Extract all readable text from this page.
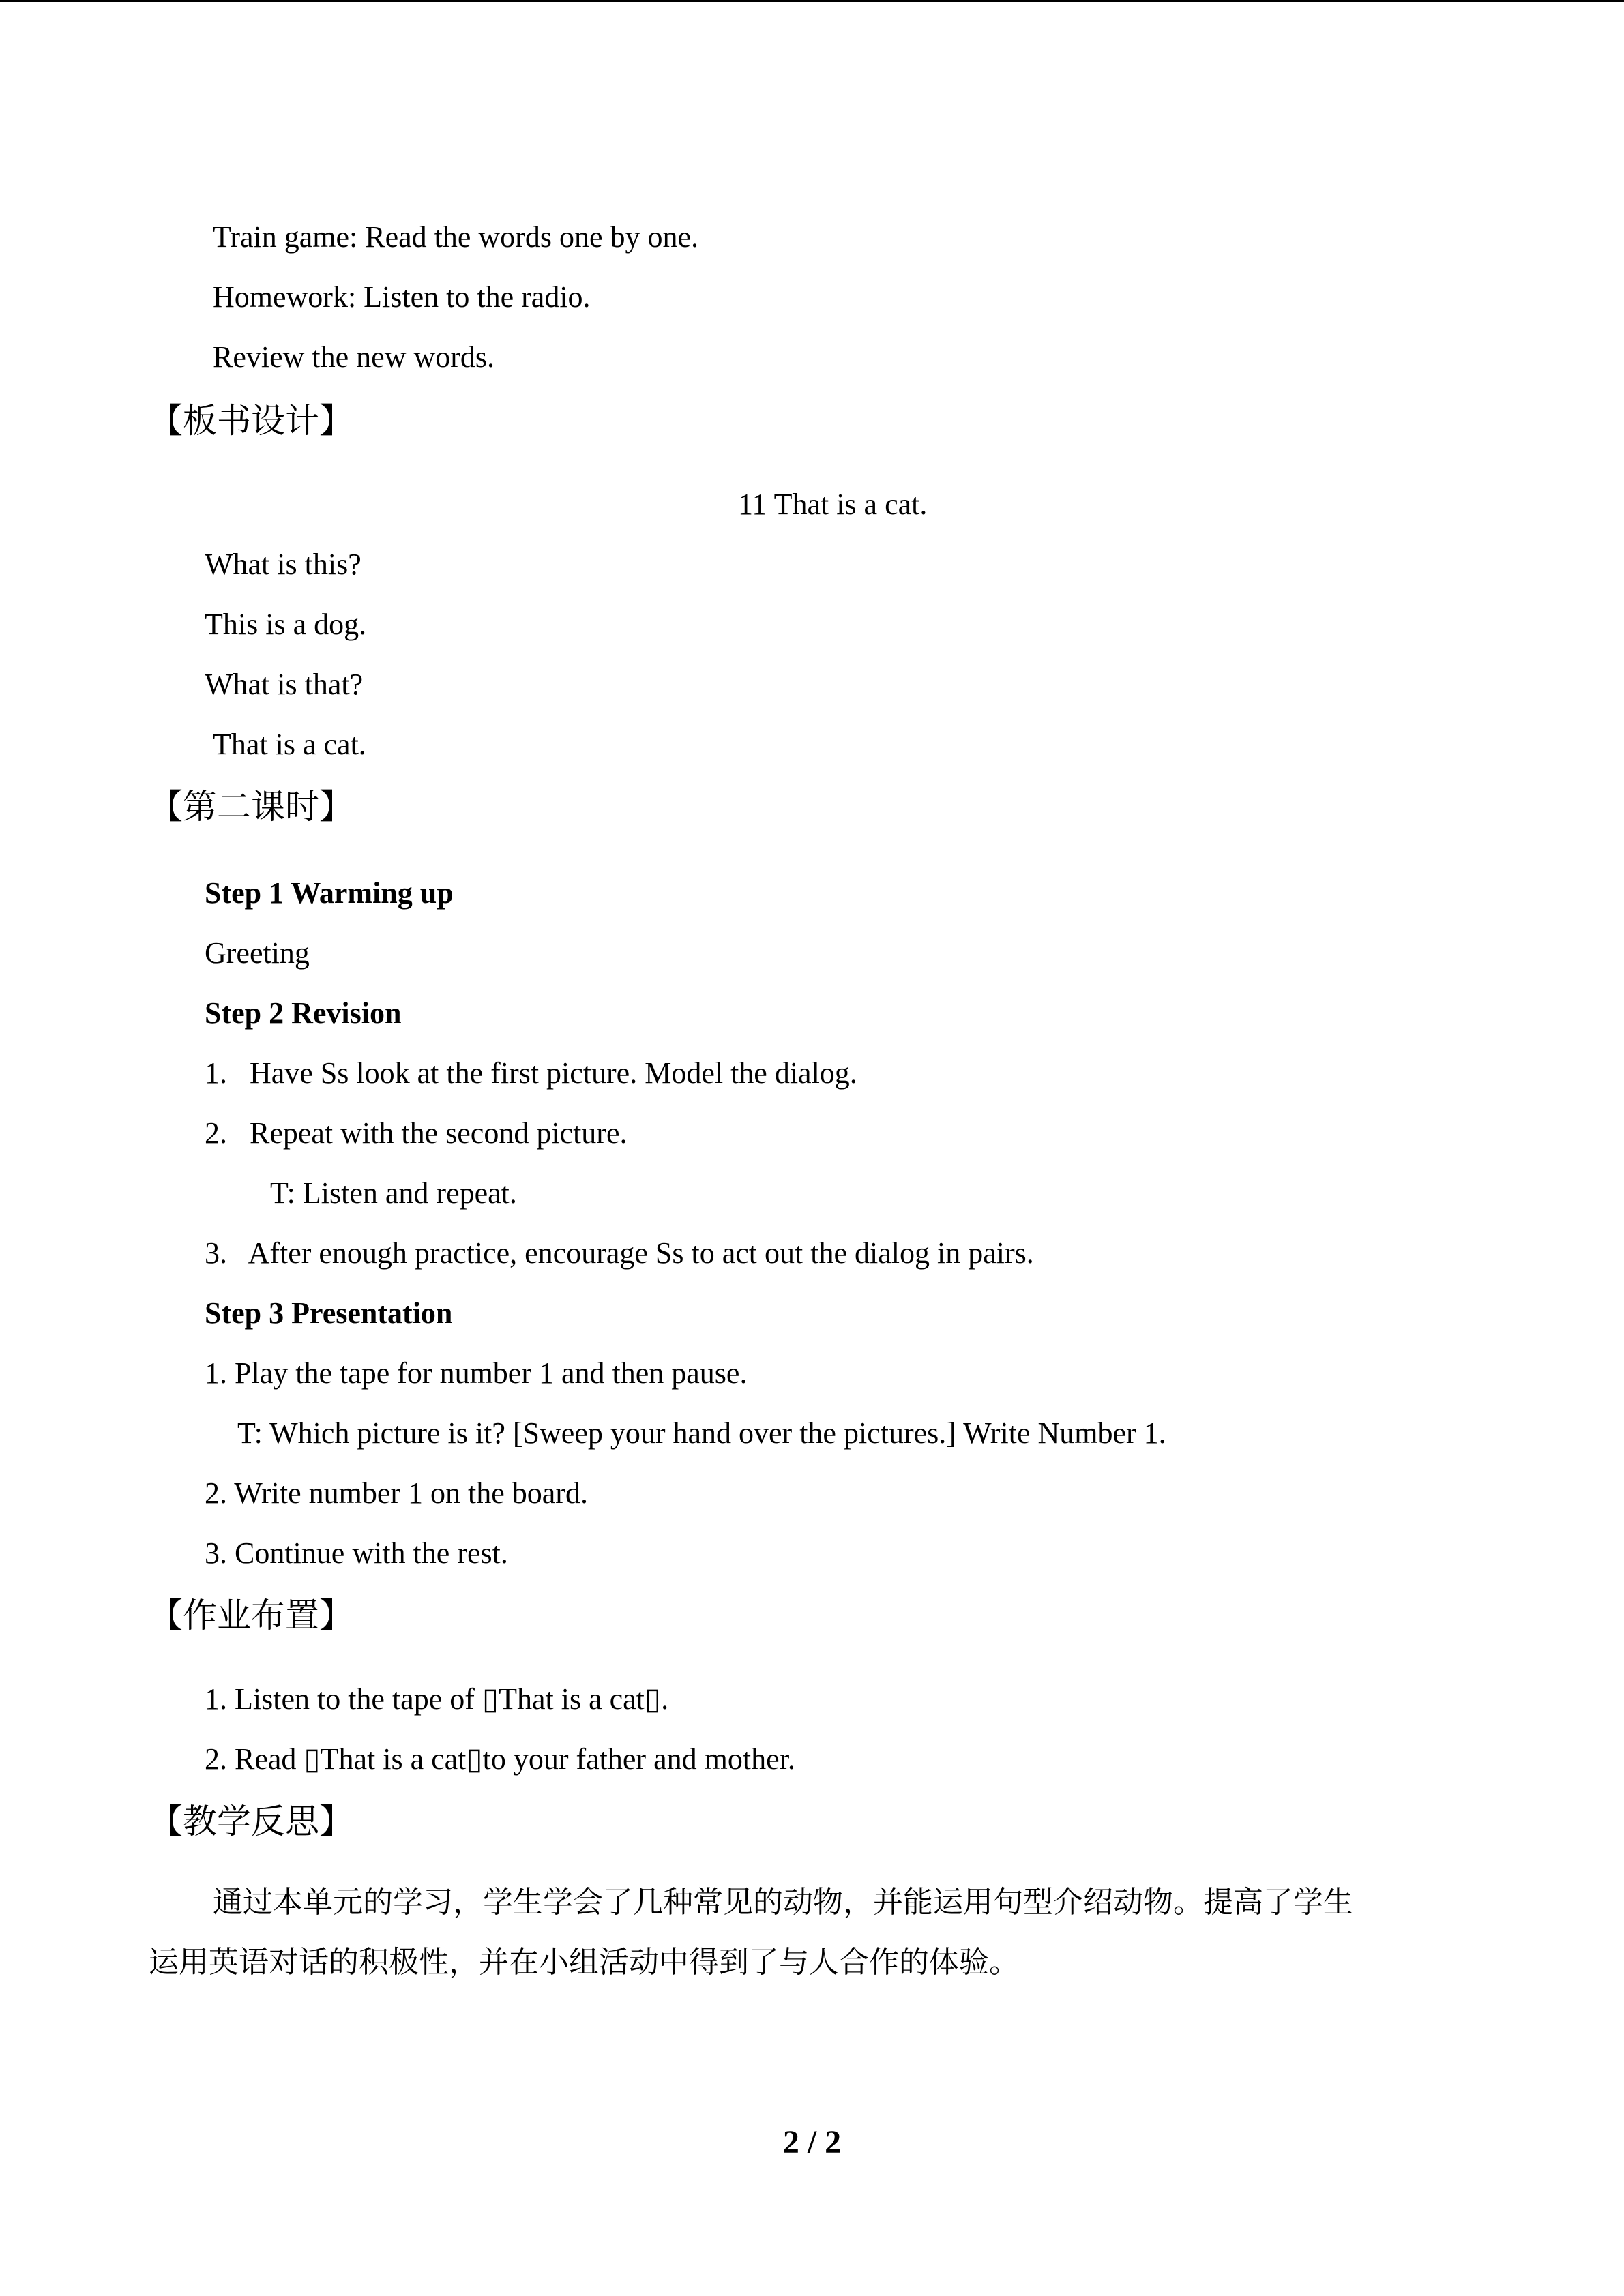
Train game: Read the words one by one.
Homework: Listen to the radio.
Review the new words.
【板书设计】
11 That is a cat.
What is this?
This is a dog.
What is that?
That is a cat.
【第二课时】
Step 1 Warming up
Greeting
Step 2 Revision
1.   Have Ss look at the first picture. Model the dialog.
2.   Repeat with the second picture.
T: Listen and repeat.
3.   After enough practice, encourage Ss to act out the dialog in pairs.
Step 3 Presentation
1. Play the tape for number 1 and then pause.
T: Which picture is it? [Sweep your hand over the pictures.] Write Number 1.
2. Write number 1 on the board.
3. Continue with the rest.
【作业布置】
1. Listen to the tape of ▯That is a cat▯.
2. Read ▯That is a cat▯to your father and mother.
【教学反思】
通过本单元的学习，学生学会了几种常见的动物，并能运用句型介绍动物。提高了学生
运用英语对话的积极性，并在小组活动中得到了与人合作的体验。
2 / 2
